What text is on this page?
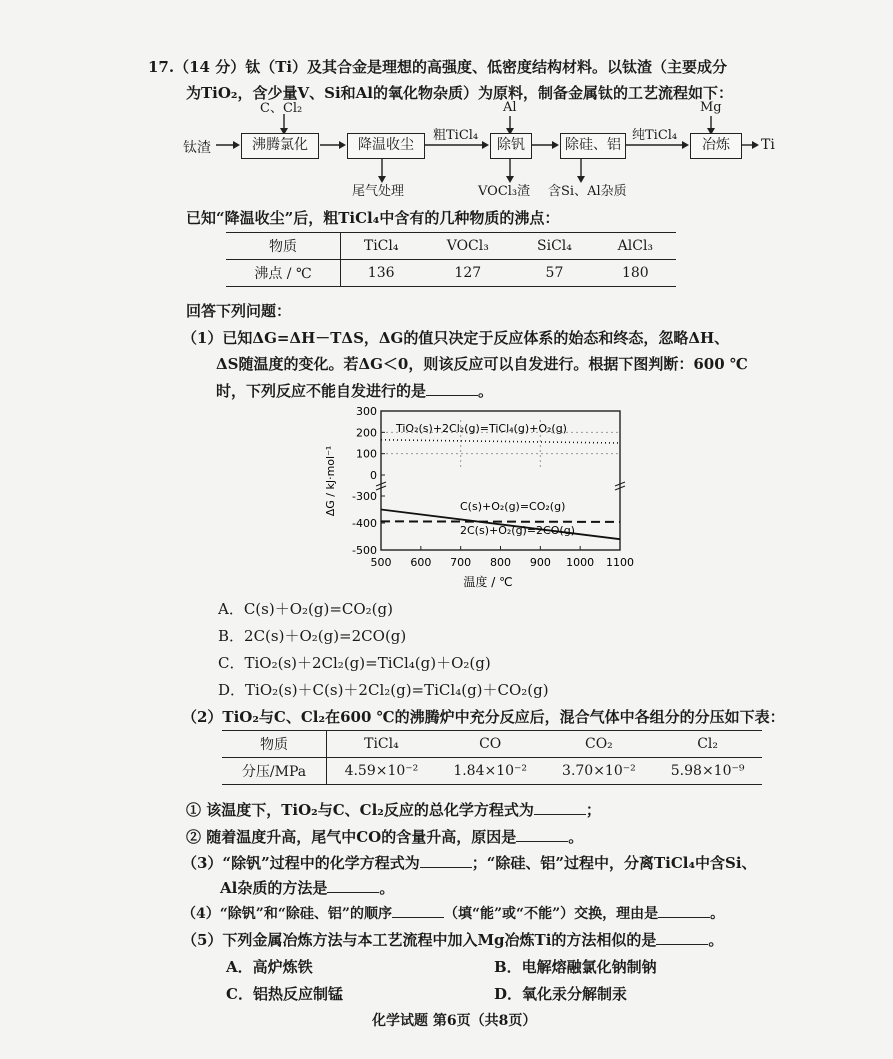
17.（14 分）钛（Ti）及其合金是理想的高强度、低密度结构材料。以钛渣（主要成分
为TiO₂，含少量V、Si和Al的氧化物杂质）为原料，制备金属钛的工艺流程如下：
钛渣
C、Cl₂
沸腾氯化	降温收尘
粗TiCl₄
Al
除钒	除硅、铝
纯TiCl₄
Mg
冶炼	Ti
尾气处理	VOCl₃渣 含Si、Al杂质
已知“降温收尘”后，粗TiCl₄中含有的几种物质的沸点：
物质	TiCl₄	VOCl₃	SiCl₄	AlCl₃
沸点 / ℃	136	127	57	180
回答下列问题：
（1）已知ΔG=ΔH－TΔS，ΔG的值只决定于反应体系的始态和终态，忽略ΔH、
ΔS随温度的变化。若ΔG＜0，则该反应可以自发进行。根据下图判断：600 ℃
时，下列反应不能自发进行的是	。
500 600 700 800 900 1000 1100
300
200
100
0
-300
-400
-500
温度 / ℃
ΔG / kJ·mol⁻¹
TiO₂(s)+2Cl₂(g)=TiCl₄(g)+O₂(g)
C(s)+O₂(g)=CO₂(g)
2C(s)+O₂(g)=2CO(g)
A．C(s)＋O₂(g)=CO₂(g)
B．2C(s)＋O₂(g)=2CO(g)
C．TiO₂(s)＋2Cl₂(g)=TiCl₄(g)＋O₂(g)
D．TiO₂(s)＋C(s)＋2Cl₂(g)=TiCl₄(g)＋CO₂(g)
（2）TiO₂与C、Cl₂在600 ℃的沸腾炉中充分反应后，混合气体中各组分的分压如下表：
物质	TiCl₄	CO	CO₂	Cl₂
分压/MPa	4.59×10⁻²	1.84×10⁻²	3.70×10⁻²	5.98×10⁻⁹
① 该温度下，TiO₂与C、Cl₂反应的总化学方程式为	；
② 随着温度升高，尾气中CO的含量升高，原因是	。
（3）“除钒”过程中的化学方程式为	；“除硅、铝”过程中，分离TiCl₄中含Si、
Al杂质的方法是	。
（4）“除钒”和“除硅、铝”的顺序	（填“能”或“不能”）交换，理由是	。
（5）下列金属冶炼方法与本工艺流程中加入Mg冶炼Ti的方法相似的是	。
A．高炉炼铁	B．电解熔融氯化钠制钠
C．铝热反应制锰	D．氧化汞分解制汞
化学试题 第6页（共8页）
